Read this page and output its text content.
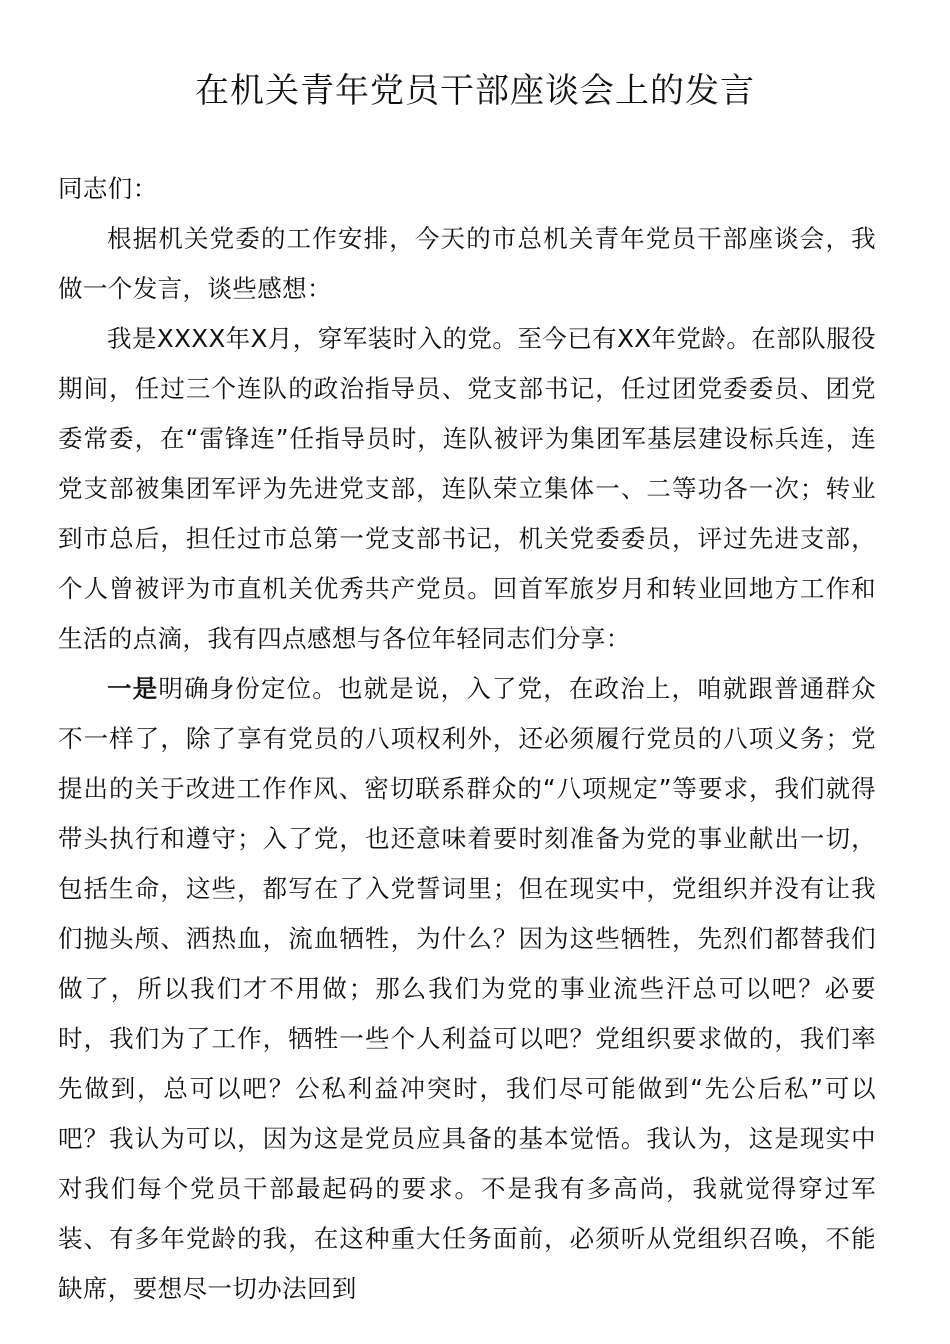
在机关青年党员干部座谈会上的发言

同志们：

根据机关党委的工作安排，今天的市总机关青年党员干部座谈会，我做一个发言，谈些感想：

我是XXXX年X月，穿军装时入的党。至今已有XX年党龄。在部队服役期间，任过三个连队的政治指导员、党支部书记，任过团党委委员、团党委常委，在“雷锋连”任指导员时，连队被评为集团军基层建设标兵连，连党支部被集团军评为先进党支部，连队荣立集体一、二等功各一次；转业到市总后，担任过市总第一党支部书记，机关党委委员，评过先进支部，个人曾被评为市直机关优秀共产党员。回首军旅岁月和转业回地方工作和生活的点滴，我有四点感想与各位年轻同志们分享：

一是明确身份定位。也就是说，入了党，在政治上，咱就跟普通群众不一样了，除了享有党员的八项权利外，还必须履行党员的八项义务；党提出的关于改进工作作风、密切联系群众的“八项规定”等要求，我们就得带头执行和遵守；入了党，也还意味着要时刻准备为党的事业献出一切，包括生命，这些，都写在了入党誓词里；但在现实中，党组织并没有让我们抛头颅、洒热血，流血牺牲，为什么？因为这些牺牲，先烈们都替我们做了，所以我们才不用做；那么我们为党的事业流些汗总可以吧？必要时，我们为了工作，牺牲一些个人利益可以吧？党组织要求做的，我们率先做到，总可以吧？公私利益冲突时，我们尽可能做到“先公后私”可以吧？我认为可以，因为这是党员应具备的基本觉悟。我认为，这是现实中对我们每个党员干部最起码的要求。不是我有多高尚，我就觉得穿过军装、有多年党龄的我，在这种重大任务面前，必须听从党组织召唤，不能缺席，要想尽一切办法回到
